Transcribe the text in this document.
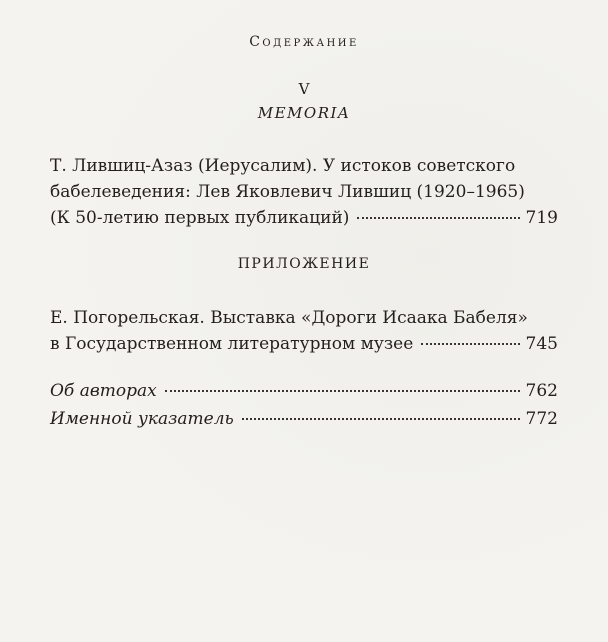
Содержание
V
MEMORIA
Т. Лившиц-Азаз (Иерусалим). У истоков советского
бабелеведения: Лев Яковлевич Лившиц (1920–1965)
(К 50-летию первых публикаций)	719
ПРИЛОЖЕНИЕ
Е. Погорельская. Выставка «Дороги Исаака Бабеля»
в Государственном литературном музее	745
Об авторах	762
Именной указатель	772
